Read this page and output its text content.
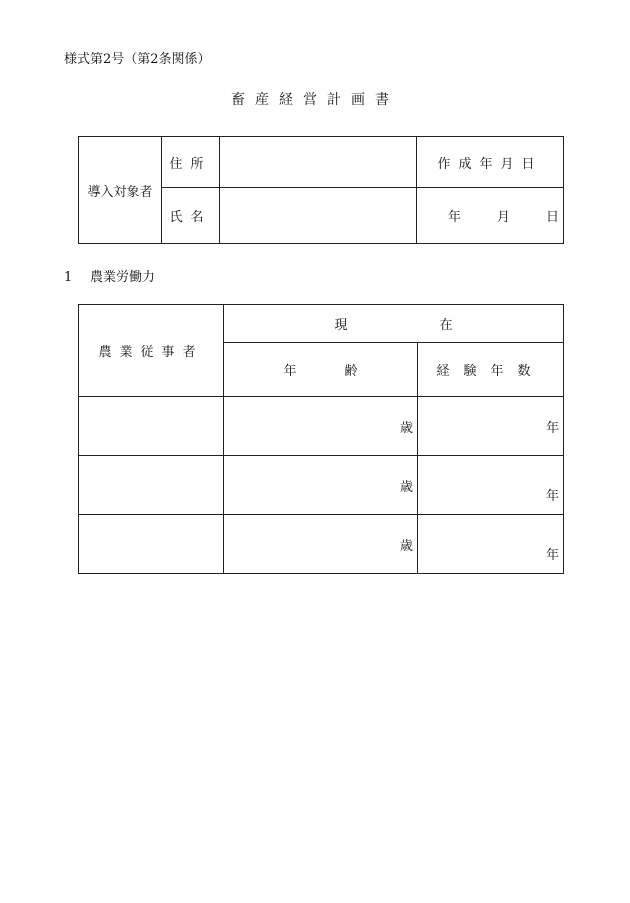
様式第2号（第2条関係）
畜産経営計画書
導入対象者	住所		作成年月日
	氏名		年 月 日
1 農業労働力
農業従事者	現 在	
	年 齢	経験年数
	歳	年
	歳	年
	歳	年
